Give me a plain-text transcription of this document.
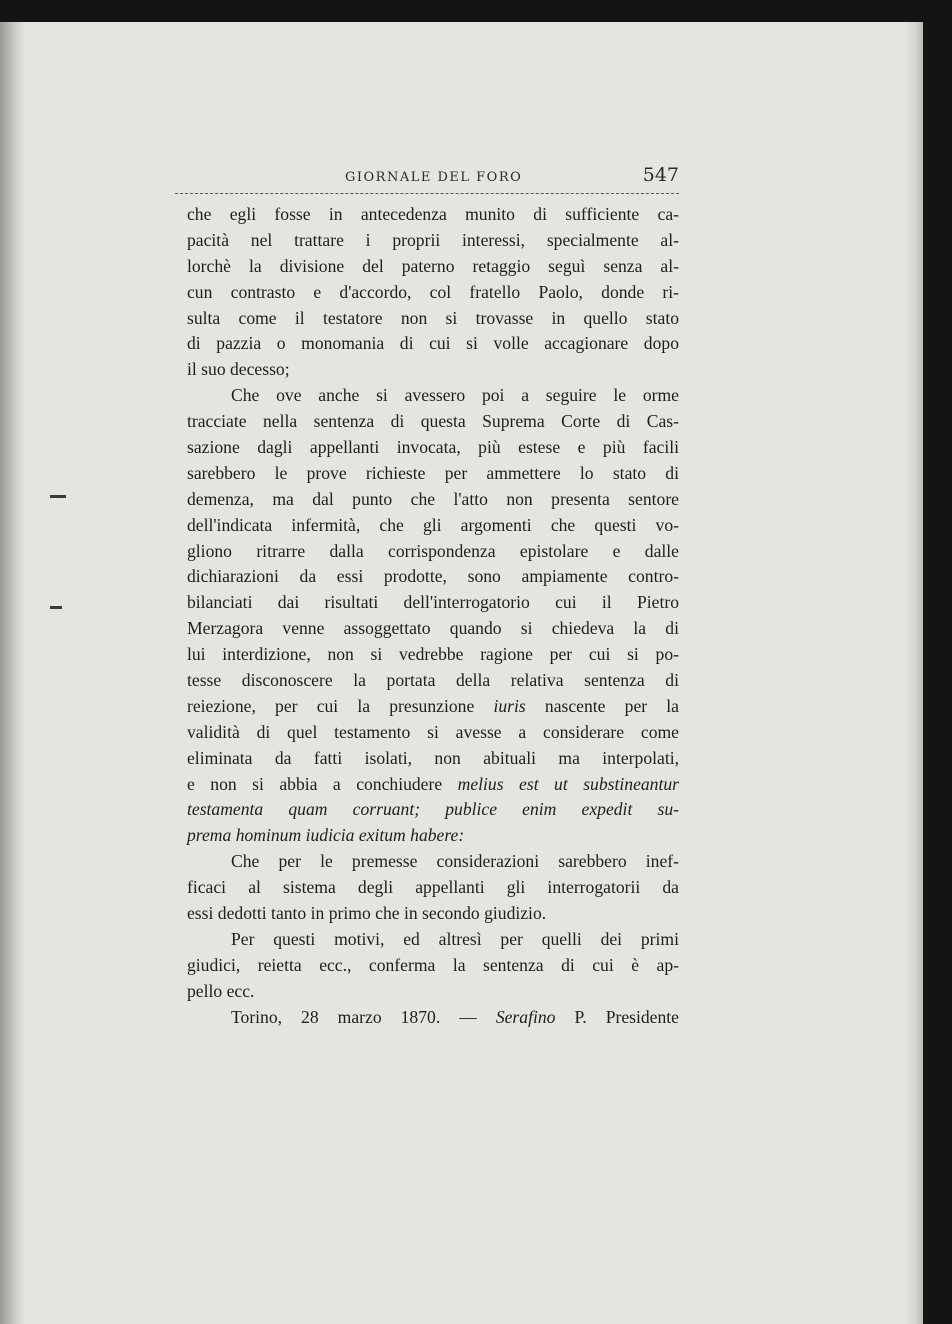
GIORNALE DEL FORO	547
che egli fosse in antecedenza munito di sufficiente ca-
pacità nel trattare i proprii interessi, specialmente al-
lorchè la divisione del paterno retaggio seguì senza al-
cun contrasto e d'accordo, col fratello Paolo, donde ri-
sulta come il testatore non si trovasse in quello stato
di pazzia o monomania di cui si volle accagionare dopo
il suo decesso;
Che ove anche si avessero poi a seguire le orme
tracciate nella sentenza di questa Suprema Corte di Cas-
sazione dagli appellanti invocata, più estese e più facili
sarebbero le prove richieste per ammettere lo stato di
demenza, ma dal punto che l'atto non presenta sentore
dell'indicata infermità, che gli argomenti che questi vo-
gliono ritrarre dalla corrispondenza epistolare e dalle
dichiarazioni da essi prodotte, sono ampiamente contro-
bilanciati dai risultati dell'interrogatorio cui il Pietro
Merzagora venne assoggettato quando si chiedeva la di
lui interdizione, non si vedrebbe ragione per cui si po-
tesse disconoscere la portata della relativa sentenza di
reiezione, per cui la presunzione iuris nascente per la
validità di quel testamento si avesse a considerare come
eliminata da fatti isolati, non abituali ma interpolati,
e non si abbia a conchiudere melius est ut substineantur
testamenta quam corruant; publice enim expedit su-
prema hominum iudicia exitum habere:
Che per le premesse considerazioni sarebbero inef-
ficaci al sistema degli appellanti gli interrogatorii da
essi dedotti tanto in primo che in secondo giudizio.
Per questi motivi, ed altresì per quelli dei primi
giudici, reietta ecc., conferma la sentenza di cui è ap-
pello ecc.
Torino, 28 marzo 1870. — Serafino P. Presidente
